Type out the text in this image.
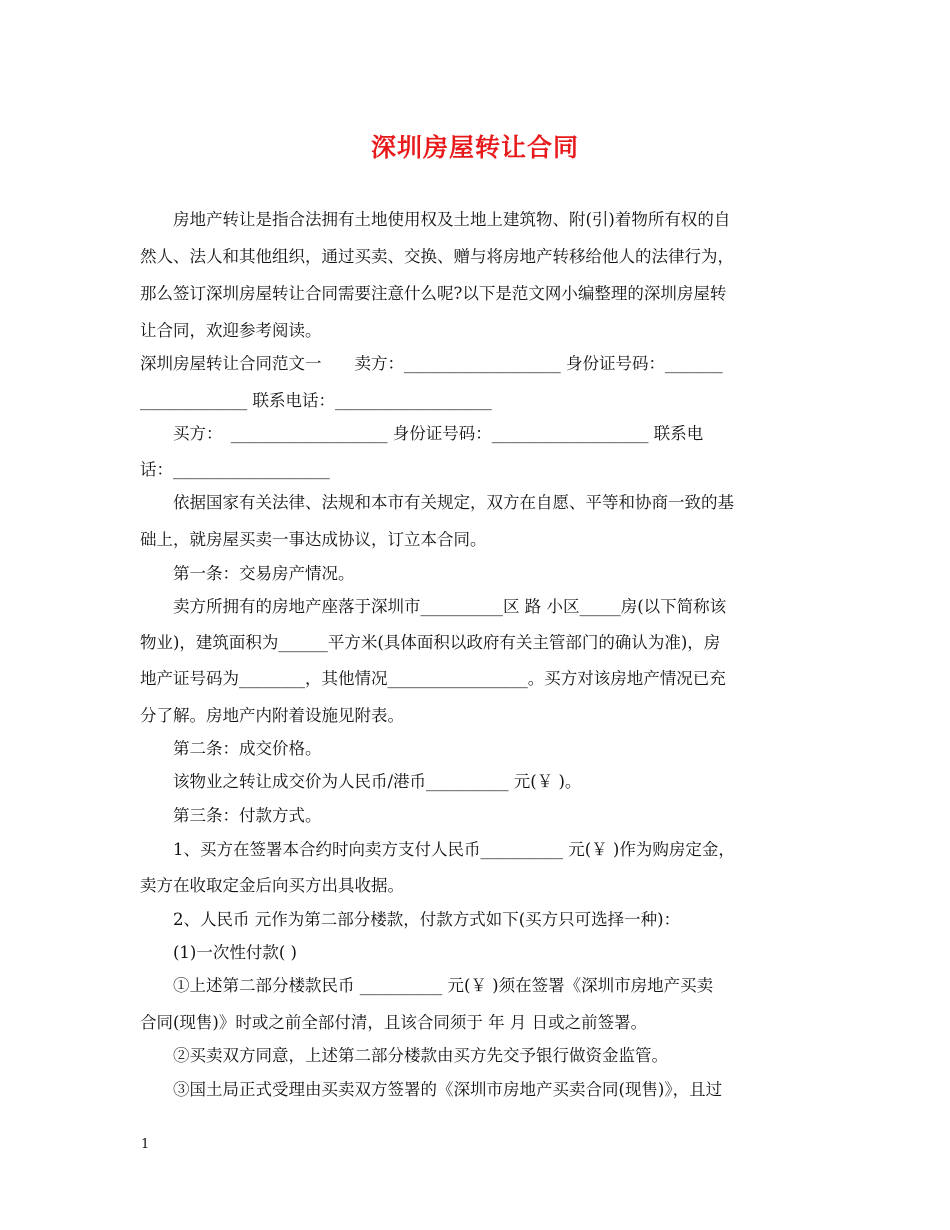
深圳房屋转让合同
　　房地产转让是指合法拥有土地使用权及土地上建筑物、附(引)着物所有权的自
然人、法人和其他组织，通过买卖、交换、赠与将房地产转移给他人的法律行为，
那么签订深圳房屋转让合同需要注意什么呢?以下是范文网小编整理的深圳房屋转
让合同，欢迎参考阅读。
深圳房屋转让合同范文一　　卖方：___________________ 身份证号码：_______
_____________ 联系电话：___________________
　　买方：　___________________ 身份证号码：___________________ 联系电
话：___________________
　　依据国家有关法律、法规和本市有关规定，双方在自愿、平等和协商一致的基
础上，就房屋买卖一事达成协议，订立本合同。
　　第一条：交易房产情况。
　　卖方所拥有的房地产座落于深圳市__________区 路 小区_____房(以下简称该
物业)，建筑面积为______平方米(具体面积以政府有关主管部门的确认为准)，房
地产证号码为________，其他情况_________________。买方对该房地产情况已充
分了解。房地产内附着设施见附表。
　　第二条：成交价格。
　　该物业之转让成交价为人民币/港币__________ 元(￥ )。
　　第三条：付款方式。
　　1、买方在签署本合约时向卖方支付人民币__________ 元(￥ )作为购房定金，
卖方在收取定金后向买方出具收据。
　　2、人民币 元作为第二部分楼款，付款方式如下(买方只可选择一种)：
　　(1)一次性付款( )
　　①上述第二部分楼款民币 __________ 元(￥ )须在签署《深圳市房地产买卖
合同(现售)》时或之前全部付清，且该合同须于 年 月 日或之前签署。
　　②买卖双方同意，上述第二部分楼款由买方先交予银行做资金监管。
　　③国土局正式受理由买卖双方签署的《深圳市房地产买卖合同(现售)》，且过
1
